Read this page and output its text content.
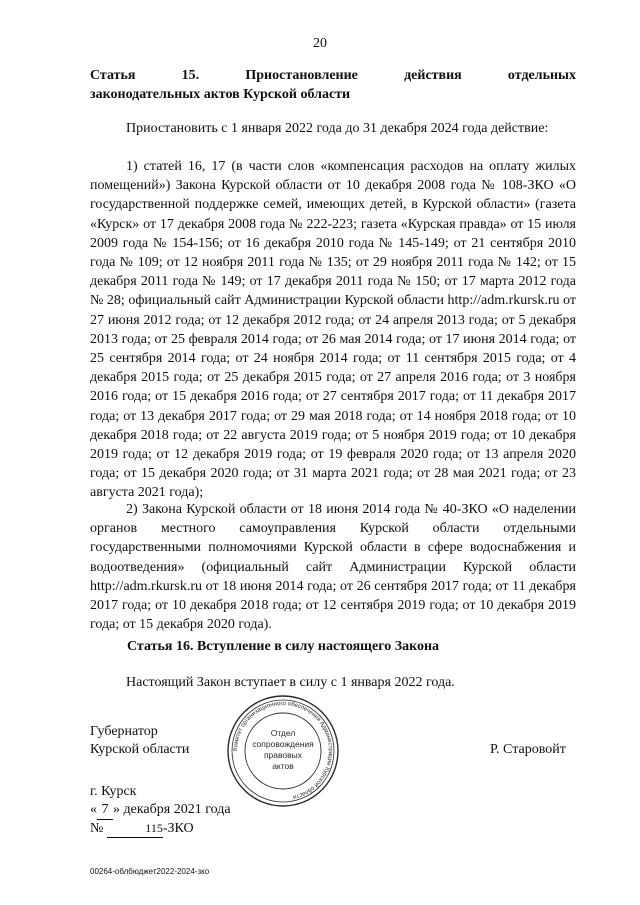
20

Статья 15. Приостановление действия отдельных

законодательных актов Курской области

Приостановить с 1 января 2022 года до 31 декабря 2024 года действие:

1) статей 16, 17 (в части слов «компенсация расходов на оплату жилых помещений») Закона Курской области от 10 декабря 2008 года № 108-ЗКО «О государственной поддержке семей, имеющих детей, в Курской области» (газета «Курск» от 17 декабря 2008 года № 222-223; газета «Курская правда» от 15 июля 2009 года № 154-156; от 16 декабря 2010 года № 145-149; от 21 сентября 2010 года № 109; от 12 ноября 2011 года № 135; от 29 ноября 2011 года № 142; от 15 декабря 2011 года № 149; от 17 декабря 2011 года № 150; от 17 марта 2012 года № 28; официальный сайт Администрации Курской области http://adm.rkursk.ru от 27 июня 2012 года; от 12 декабря 2012 года; от 24 апреля 2013 года; от 5 декабря 2013 года; от 25 февраля 2014 года; от 26 мая 2014 года; от 17 июня 2014 года; от 25 сентября 2014 года; от 24 ноября 2014 года; от 11 сентября 2015 года; от 4 декабря 2015 года; от 25 декабря 2015 года; от 27 апреля 2016 года; от 3 ноября 2016 года; от 15 декабря 2016 года; от 27 сентября 2017 года; от 11 декабря 2017 года; от 13 декабря 2017 года; от 29 мая 2018 года; от 14 ноября 2018 года; от 10 декабря 2018 года; от 22 августа 2019 года; от 5 ноября 2019 года; от 10 декабря 2019 года; от 12 декабря 2019 года; от 19 февраля 2020 года; от 13 апреля 2020 года; от 15 декабря 2020 года; от 31 марта 2021 года; от 28 мая 2021 года; от 23 августа 2021 года);

2) Закона Курской области от 18 июня 2014 года № 40-ЗКО «О наделении органов местного самоуправления Курской области отдельными государственными полномочиями Курской области в сфере водоснабжения и водоотведения» (официальный сайт Администрации Курской области http://adm.rkursk.ru от 18 июня 2014 года; от 26 сентября 2017 года; от 11 декабря 2017 года; от 10 декабря 2018 года; от 12 сентября 2019 года; от 10 декабря 2019 года; от 15 декабря 2020 года).

Статья 16. Вступление в силу настоящего Закона

Настоящий Закон вступает в силу с 1 января 2022 года.

Губернатор
Курской области	Р. Старовойт
г. Курск
« 7 » декабря 2021 года
№	115-ЗКО
Комитет организационного обеспечения Администрации Курской области
Отдел
сопровождения
правовых
актов
00264-облбюджет2022-2024-зко
